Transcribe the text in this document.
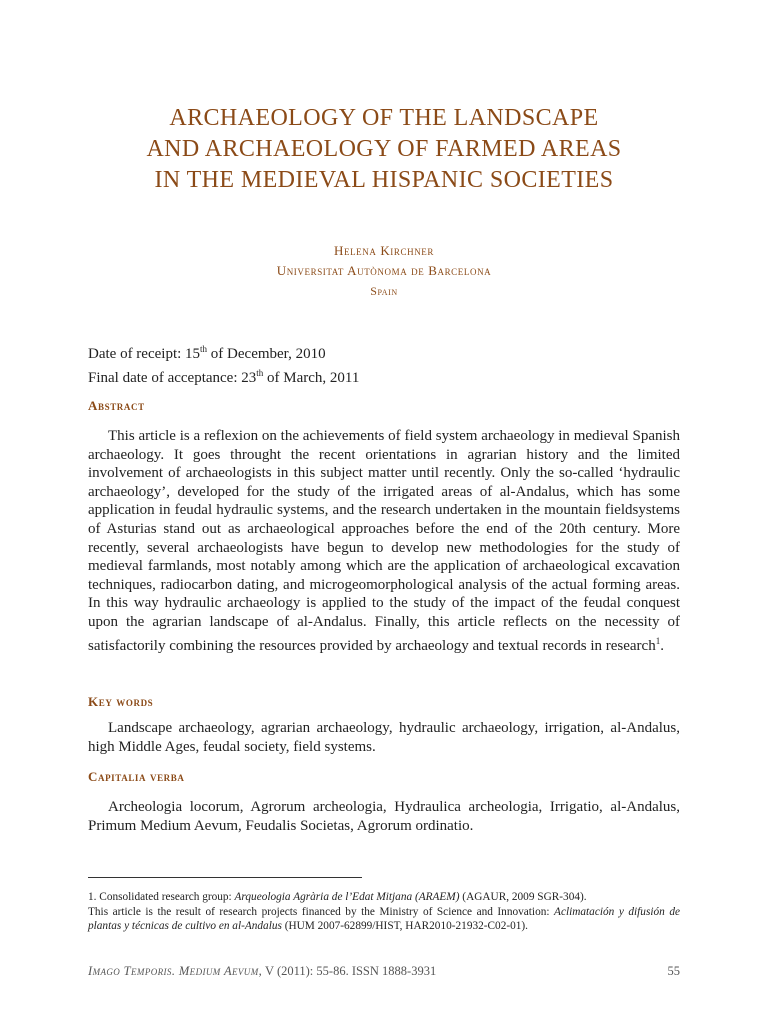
ARCHAEOLOGY OF THE LANDSCAPE
AND ARCHAEOLOGY OF FARMED AREAS
IN THE MEDIEVAL HISPANIC SOCIETIES
Helena Kirchner
Universitat Autònoma de Barcelona
Spain
Date of receipt: 15th of December, 2010
Final date of acceptance: 23th of March, 2011
Abstract
This article is a reflexion on the achievements of field system archaeology in medieval Spanish archaeology. It goes throught the recent orientations in agrarian history and the limited involvement of archaeologists in this subject matter until recently. Only the so-called ‘hydraulic archaeology’, developed for the study of the irrigated areas of al-Andalus, which has some application in feudal hydraulic systems, and the research undertaken in the mountain fieldsystems of Asturias stand out as archaeological approaches before the end of the 20th century. More recently, several archaeologists have begun to develop new methodologies for the study of medieval farmlands, most notably among which are the application of archaeological excavation techniques, radiocarbon dating, and microgeomorphological analysis of the actual forming areas. In this way hydraulic archaeology is applied to the study of the impact of the feudal conquest upon the agrarian landscape of al-Andalus. Finally, this article reflects on the necessity of satisfactorily combining the resources provided by archaeology and textual records in research$^1$.
Key words
Landscape archaeology, agrarian archaeology, hydraulic archaeology, irrigation, al-Andalus, high Middle Ages, feudal society, field systems.
Capitalia verba
Archeologia locorum, Agrorum archeologia, Hydraulica archeologia, Irrigatio, al-Andalus, Primum Medium Aevum, Feudalis Societas, Agrorum ordinatio.
1. Consolidated research group: Arqueologia Agrària de l’Edat Mitjana (ARAEM) (AGAUR, 2009 SGR-304).
This article is the result of research projects financed by the Ministry of Science and Innovation: Aclimatación y difusión de plantas y técnicas de cultivo en al-Andalus (HUM 2007-62899/HIST, HAR2010-21932-C02-01).
Imago Temporis. Medium Aevum, V (2011): 55-86. ISSN 1888-3931	55
